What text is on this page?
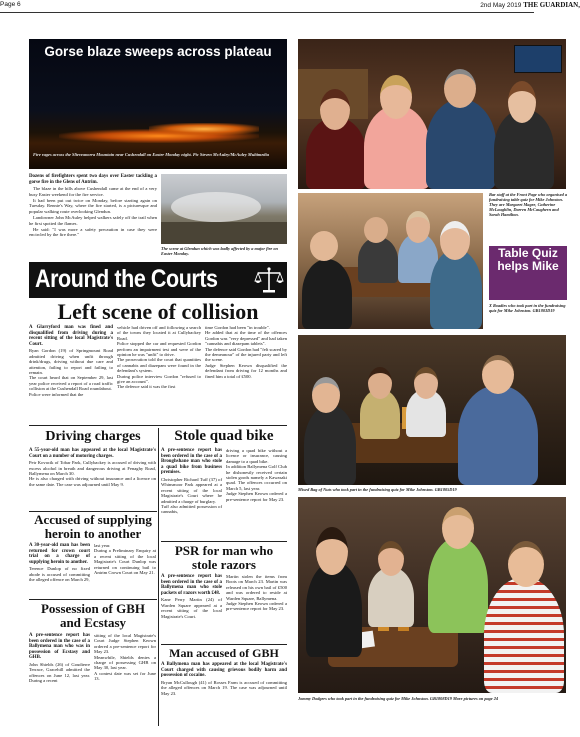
Page 6	2nd May 2019 THE GUARDIAN,
Gorse blaze sweeps across plateau
Fire rages across the Slieveanorra Mountain near Cushendall on Easter Monday night. Pic Steven McAuley/McAuley Multimedia

Dozens of firefighters spent two days over Easter tackling a gorse fire in the Glens of Antrim.

The blaze in the hills above Cushendall came at the end of a very busy Easter weekend for the fire service.

It had been put out twice on Monday, before starting again on Tuesday. Rennie's Way, where the fire started, is a picturesque and popular walking route overlooking Glendun.

Landowner John McAuley helped walkers safely off the trail when he first spotted the flames.

He said: "I was more a safety precaution in case they were encircled by the fire there."

The scene at Glendun which was badly affected by a major fire on Easter Monday.
Around the Courts
Left scene of collision

A Glarryford man was fined and disqualified from driving during a recent sitting of the local Magistrate's Court.

Ryan Gordon (19) of Springmount Road admitted driving when unfit through drink/drugs, driving without due care and attention, failing to report and failing to remain.
The court heard that on September 29, last year police received a report of a road traffic collision at the Cushendall Road roundabout.
Police were informed that the
vehicle had driven off and following a search of the towns they located it at Cullybackey Road.
Police stopped the car and requested Gordon perform an impairment test and were of the opinion he was "unfit" to drive.
The prosecution told the court that quantities of cannabis and diazepam were found in the defendant's system.
During police interview Gordon "refused to give an account".
The defence said it was the first
time Gordon had been "in trouble".
He added that at the time of the offences Gordon was "very depressed" and had taken "cannabis and diazepam tablets".
The defence said Gordon had "felt scared by the demeanour" of the injured party and left the scene.
Judge Stephen Keown disqualified the defendant from driving for 12 months and fined him a total of £500.
Driving charges

A 55-year-old man has appeared at the local Magistrate's Court on a number of motoring charges.

Petr Kovacik of Tobar Park, Cullybackey is accused of driving with excess alcohol in breath and dangerous driving at Fenaghy Road, Ballymena on March 30.
He is also charged with driving without insurance and a licence on the same date. The case was adjourned until May 9.
Accused of supplying heroin to another

A 30-year-old man has been returned for crown court trial on a charge of supplying heroin to another.

Terence Dunlop of no fixed abode is accused of committing the alleged offence on March 29,
last year.
During a Preliminary Enquiry at a recent sitting of the local Magistrate's Court Dunlop was returned on continuing bail to Antrim Crown Court on May 21.
Possession of GBH and Ecstasy

A pre-sentence report has been ordered in the case of a Ballymena man who was in possession of Ecstasy and GHB.

John Shields (26) of Goudierre Terrace, Gracehill admitted the offences on June 12, last year. During a recent
sitting of the local Magistrate's Court Judge Stephen Keown ordered a pre-sentence report for May 23.
Meanwhile, Shields denies a charge of possessing GHB on May 30, last year.
A contest date was set for June 13.
Stole quad bike

A pre-sentence report has been ordered in the case of a Broughshane man who stole a quad bike from business premises.

Christopher Richard Tuff (37) of Whinsmoor Park appeared at a recent sitting of the local Magistrate's Court where he admitted a charge of burglary.
Tuff also admitted possession of cannabis,
driving a quad bike without a licence or insurance, causing damage to a quad bike.
In addition Ballymena Golf Club he dishonestly received certain stolen goods namely a Kawasaki quad. The offences occurred on March 5, last year.
Judge Stephen Keown ordered a pre-sentence report for May 23.
PSR for man who stole razors

A pre-sentence report has been ordered in the case of a Ballymena man who stole packets of razors worth £48.

Kane Perry Martin (24) of Warden Square appeared at a recent sitting of the local Magistrate's Court.
Martin stolen the items from Boots on March 23. Martin was released on his own bail of £500 and was ordered to reside at Warden Square, Ballymena.
Judge Stephen Keown ordered a pre-sentence report for May 23.
Man accused of GBH

A Ballymena man has appeared at the local Magistrate's Court charged with causing grievous bodily harm and possession of cocaine.

Bryan McCullough (41) of Rosses Farm is accused of committing the alleged offences on March 19. The case was adjourned until May 23.
Bar staff at the Front Page who organised a fundraising table quiz for Mike Johnston. They are Margaret Magee, Catherine McLaughlin, Darren McCaughern and Sarah Hamilton.
Table Quiz helps Mike
X Roadies who took part in the fundraising quiz for Mike Johnston. GB1803D19
Mixed Bag of Nuts who took part in the fundraising quiz for Mike Johnston. GB1805D19
Jommy Dodgers who took part in the fundraising quiz for Mike Johnston. GB1808D19 More pictures on page 24
